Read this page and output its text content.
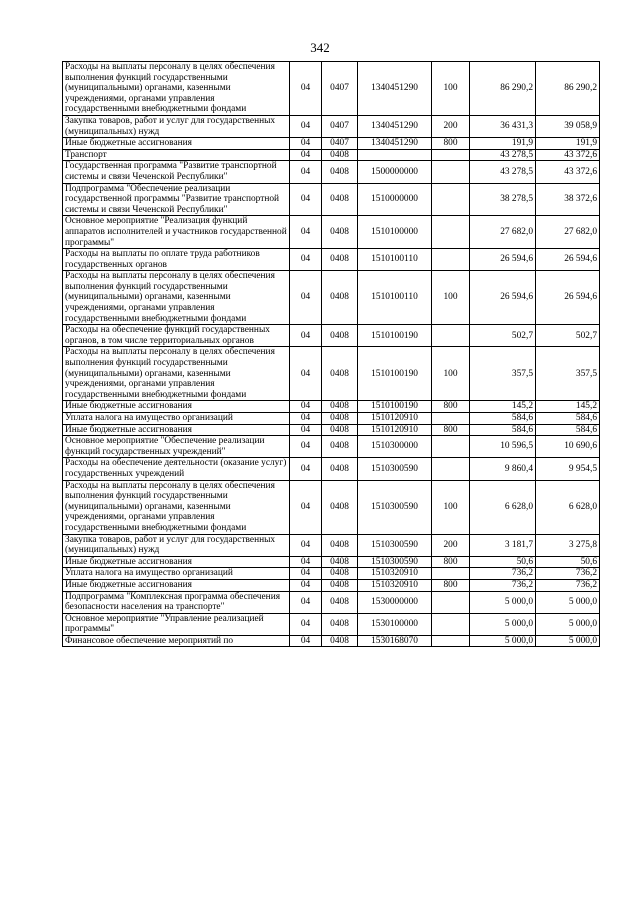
342
Расходы на выплаты персоналу в целях обеспечения выполнения функций государственными (муниципальными) органами, казенными учреждениями, органами управления государственными внебюджетными фондами	04	0407	1340451290	100	86 290,2	86 290,2
Закупка товаров, работ и услуг для государственных (муниципальных) нужд	04	0407	1340451290	200	36 431,3	39 058,9
Иные бюджетные ассигнования	04	0407	1340451290	800	191,9	191,9
Транспорт	04	0408			43 278,5	43 372,6
Государственная программа "Развитие транспортной системы и связи Чеченской Республики"	04	0408	1500000000		43 278,5	43 372,6
Подпрограмма "Обеспечение реализации государственной программы "Развитие транспортной системы и связи Чеченской Республики"	04	0408	1510000000		38 278,5	38 372,6
Основное мероприятие "Реализация функций аппаратов исполнителей и участников государственной программы"	04	0408	1510100000		27 682,0	27 682,0
Расходы на выплаты по оплате труда работников государственных органов	04	0408	1510100110		26 594,6	26 594,6
Расходы на выплаты персоналу в целях обеспечения выполнения функций государственными (муниципальными) органами, казенными учреждениями, органами управления государственными внебюджетными фондами	04	0408	1510100110	100	26 594,6	26 594,6
Расходы на обеспечение функций государственных органов, в том числе территориальных органов	04	0408	1510100190		502,7	502,7
Расходы на выплаты персоналу в целях обеспечения выполнения функций государственными (муниципальными) органами, казенными учреждениями, органами управления государственными внебюджетными фондами	04	0408	1510100190	100	357,5	357,5
Иные бюджетные ассигнования	04	0408	1510100190	800	145,2	145,2
Уплата налога на имущество организаций	04	0408	1510120910		584,6	584,6
Иные бюджетные ассигнования	04	0408	1510120910	800	584,6	584,6
Основное мероприятие "Обеспечение реализации функций государственных учреждений"	04	0408	1510300000		10 596,5	10 690,6
Расходы на обеспечение деятельности (оказание услуг) государственных учреждений	04	0408	1510300590		9 860,4	9 954,5
Расходы на выплаты персоналу в целях обеспечения выполнения функций государственными (муниципальными) органами, казенными учреждениями, органами управления государственными внебюджетными фондами	04	0408	1510300590	100	6 628,0	6 628,0
Закупка товаров, работ и услуг для государственных (муниципальных) нужд	04	0408	1510300590	200	3 181,7	3 275,8
Иные бюджетные ассигнования	04	0408	1510300590	800	50,6	50,6
Уплата налога на имущество организаций	04	0408	1510320910		736,2	736,2
Иные бюджетные ассигнования	04	0408	1510320910	800	736,2	736,2
Подпрограмма "Комплексная программа обеспечения безопасности населения на транспорте"	04	0408	1530000000		5 000,0	5 000,0
Основное мероприятие "Управление реализацией программы"	04	0408	1530100000		5 000,0	5 000,0
Финансовое обеспечение мероприятий по	04	0408	1530168070		5 000,0	5 000,0
